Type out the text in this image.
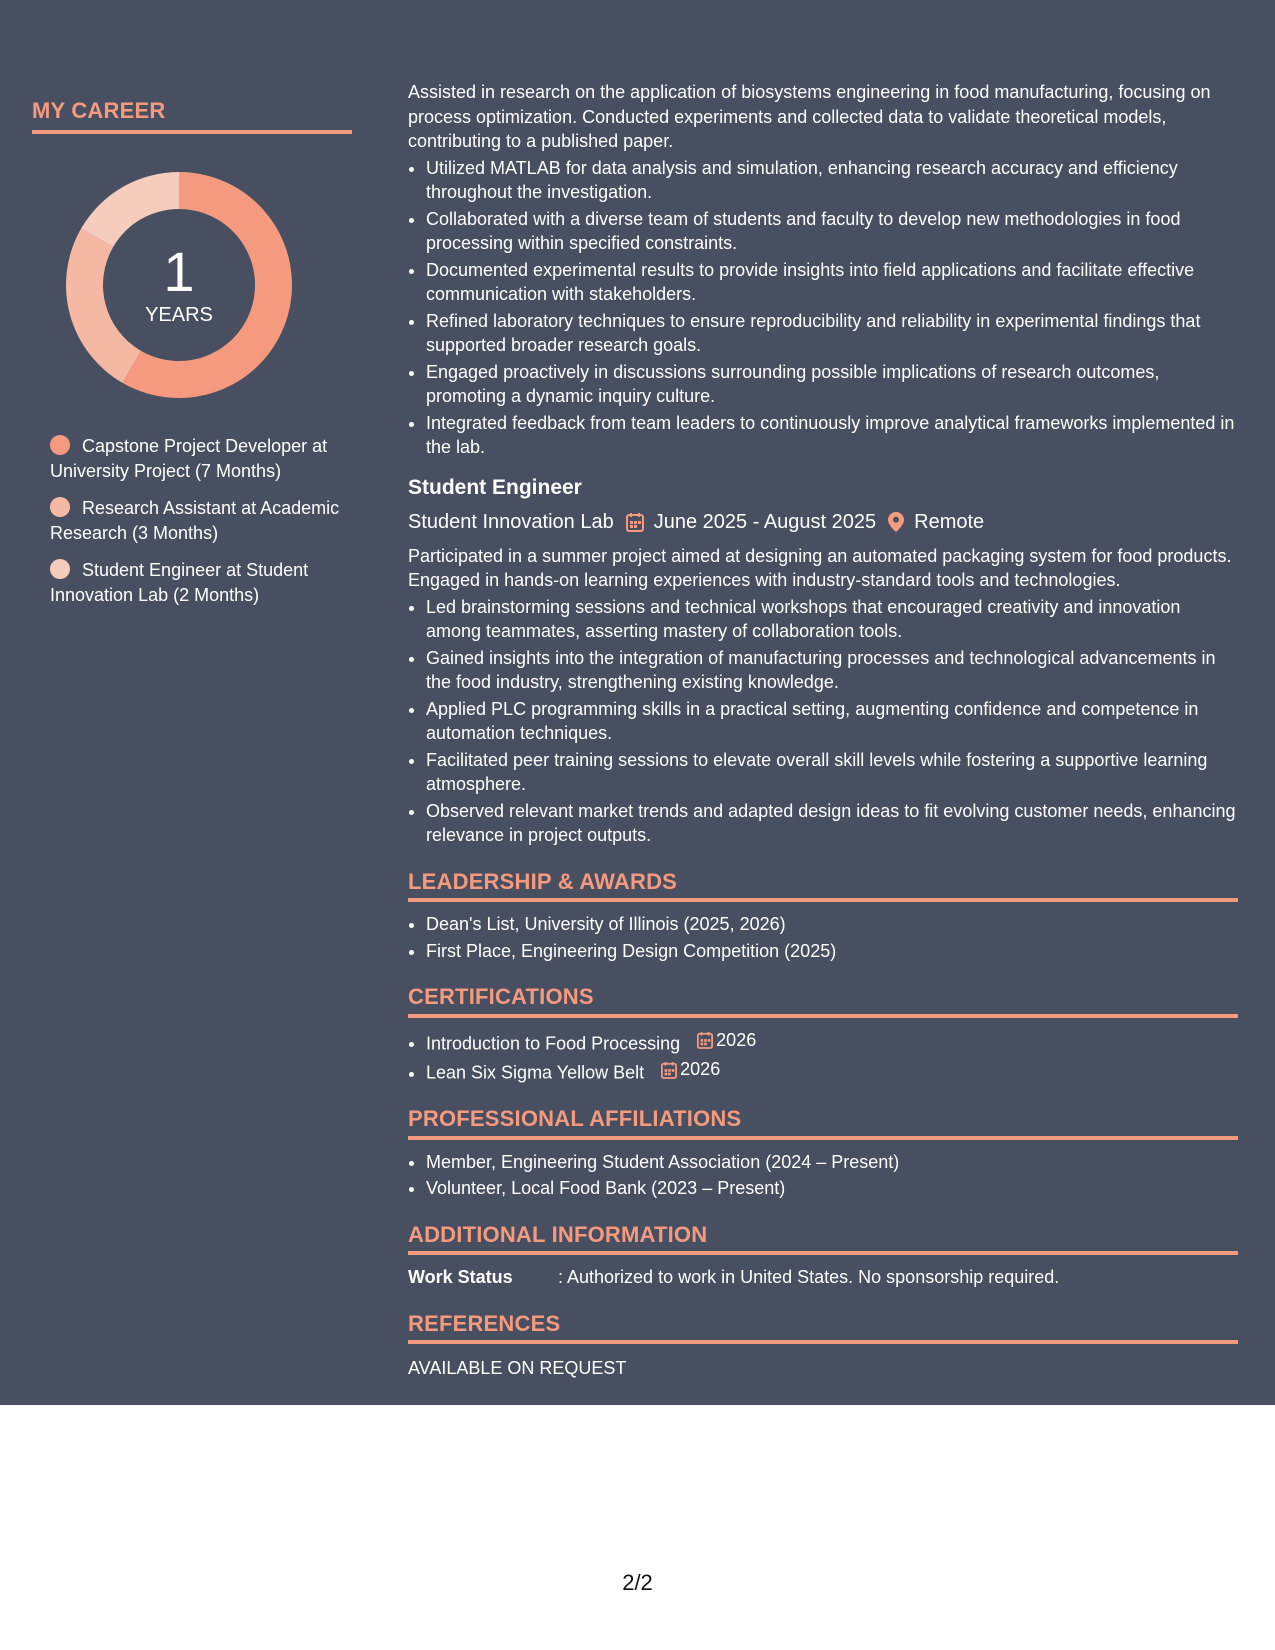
MY CAREER
1
YEARS
Capstone Project Developer at University Project (7 Months)
Research Assistant at Academic Research (3 Months)
Student Engineer at Student Innovation Lab (2 Months)

Assisted in research on the application of biosystems engineering in food manufacturing, focusing on process optimization. Conducted experiments and collected data to validate theoretical models, contributing to a published paper.

• Utilized MATLAB for data analysis and simulation, enhancing research accuracy and efficiency throughout the investigation.
• Collaborated with a diverse team of students and faculty to develop new methodologies in food processing within specified constraints.
• Documented experimental results to provide insights into field applications and facilitate effective communication with stakeholders.
• Refined laboratory techniques to ensure reproducibility and reliability in experimental findings that supported broader research goals.
• Engaged proactively in discussions surrounding possible implications of research outcomes, promoting a dynamic inquiry culture.
• Integrated feedback from team leaders to continuously improve analytical frameworks implemented in the lab.
Student Engineer
Student Innovation Lab June 2025 - August 2025 Remote

Participated in a summer project aimed at designing an automated packaging system for food products. Engaged in hands-on learning experiences with industry-standard tools and technologies.

• Led brainstorming sessions and technical workshops that encouraged creativity and innovation among teammates, asserting mastery of collaboration tools.
• Gained insights into the integration of manufacturing processes and technological advancements in the food industry, strengthening existing knowledge.
• Applied PLC programming skills in a practical setting, augmenting confidence and competence in automation techniques.
• Facilitated peer training sessions to elevate overall skill levels while fostering a supportive learning atmosphere.
• Observed relevant market trends and adapted design ideas to fit evolving customer needs, enhancing relevance in project outputs.
LEADERSHIP & AWARDS
• Dean's List, University of Illinois (2025, 2026)
• First Place, Engineering Design Competition (2025)
CERTIFICATIONS
• Introduction to Food Processing 2026
• Lean Six Sigma Yellow Belt 2026
PROFESSIONAL AFFILIATIONS
• Member, Engineering Student Association (2024 – Present)
• Volunteer, Local Food Bank (2023 – Present)
ADDITIONAL INFORMATION
Work Status	: Authorized to work in United States. No sponsorship required.
REFERENCES

AVAILABLE ON REQUEST

2/2
